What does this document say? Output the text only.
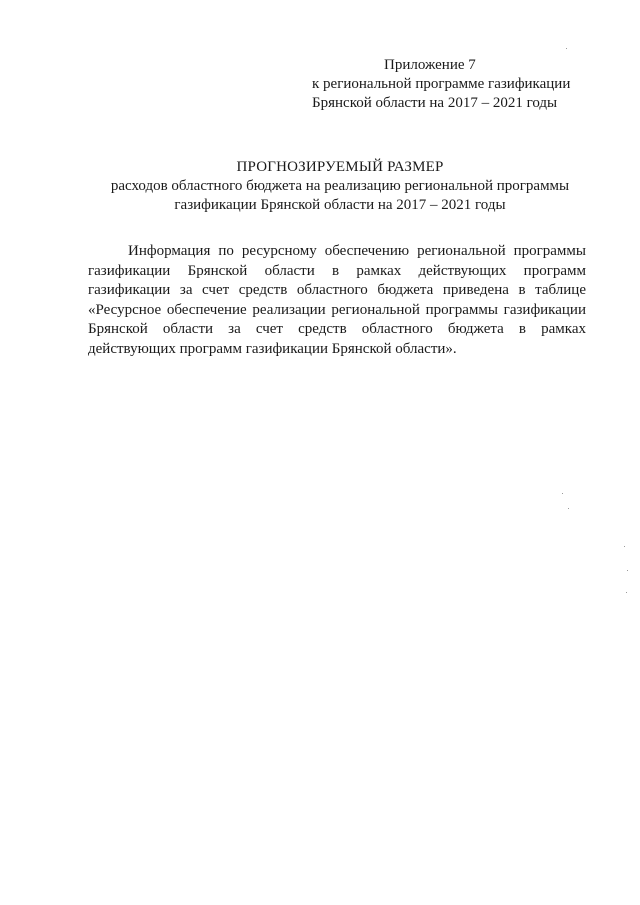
Приложение 7
к региональной программе газификации
Брянской области на 2017 – 2021 годы
ПРОГНОЗИРУЕМЫЙ РАЗМЕР
расходов областного бюджета на реализацию региональной программы
газификации Брянской области на 2017 – 2021 годы

Информация по ресурсному обеспечению региональной программы газификации Брянской области в рамках действующих программ газификации за счет средств областного бюджета приведена в таблице «Ресурсное обеспечение реализации региональной программы газификации Брянской области за счет средств областного бюджета в рамках действующих программ газификации Брянской области».
